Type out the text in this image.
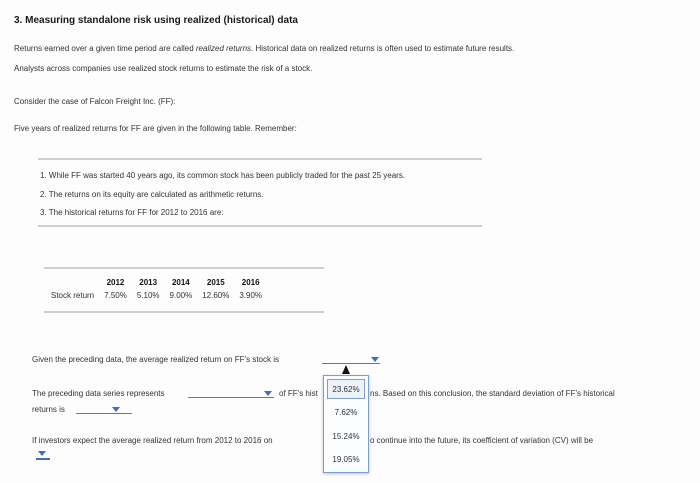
3. Measuring standalone risk using realized (historical) data
Returns earned over a given time period are called realized returns. Historical data on realized returns is often used to estimate future results.
Analysts across companies use realized stock returns to estimate the risk of a stock.
Consider the case of Falcon Freight Inc. (FF):
Five years of realized returns for FF are given in the following table. Remember:
1. While FF was started 40 years ago, its common stock has been publicly traded for the past 25 years.
2. The returns on its equity are calculated as arithmetic returns.
3. The historical returns for FF for 2012 to 2016 are:
	2012	2013	2014	2015	2016
Stock return	7.50%	5.10%	9.00%	12.60%	3.90%
Given the preceding data, the average realized return on FF's stock is
The preceding data series represents	of FF's hist	ns. Based on this conclusion, the standard deviation of FF's historical
returns is
If investors expect the average realized return from 2012 to 2016 on	o continue into the future, its coefficient of variation (CV) will be
23.62%
7.62%
15.24%
19.05%
